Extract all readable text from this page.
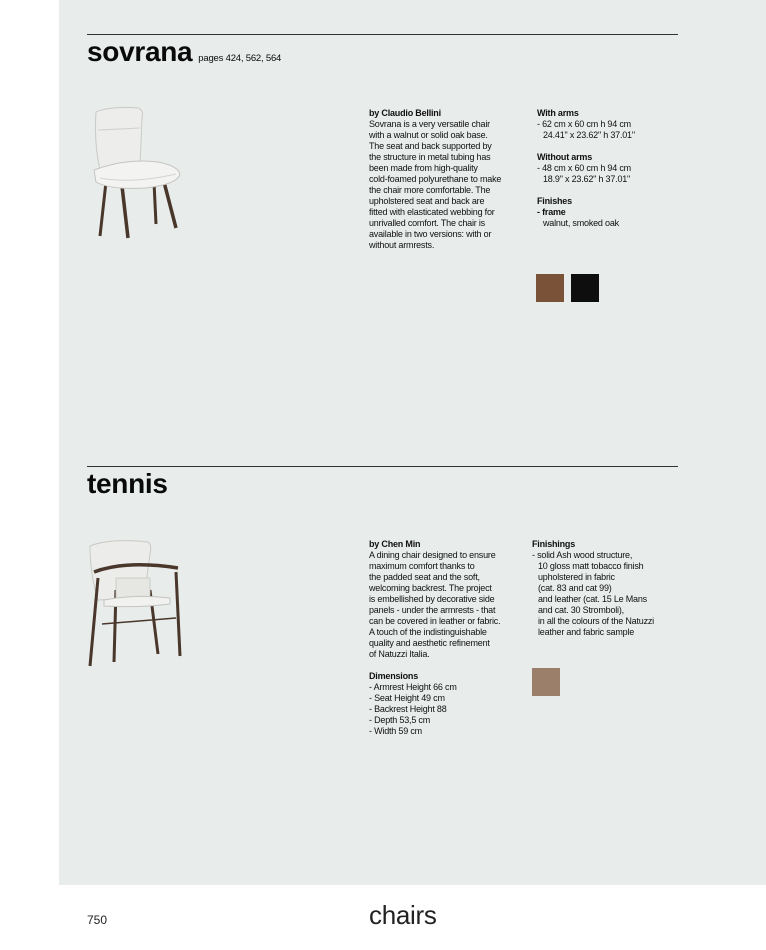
sovrana pages 424, 562, 564
by Claudio Bellini
Sovrana is a very versatile chair
with a walnut or solid oak base.
The seat and back supported by
the structure in metal tubing has
been made from high-quality
cold-foamed polyurethane to make
the chair more comfortable. The
upholstered seat and back are
fitted with elasticated webbing for
unrivalled comfort. The chair is
available in two versions: with or
without armrests.
With arms
- 62 cm x 60 cm h 94 cm
24.41" x 23.62" h 37.01"
Without arms
- 48 cm x 60 cm h 94 cm
18.9" x 23.62" h 37.01"
Finishes
- frame
walnut, smoked oak
tennis
by Chen Min
A dining chair designed to ensure
maximum comfort thanks to
the padded seat and the soft,
welcoming backrest. The project
is embellished by decorative side
panels - under the armrests - that
can be covered in leather or fabric.
A touch of the indistinguishable
quality and aesthetic refinement
of Natuzzi Italia.
Dimensions
- Armrest Height 66 cm
- Seat Height 49 cm
- Backrest Height 88
- Depth 53,5 cm
- Width 59 cm
Finishings
- solid Ash wood structure,
10 gloss matt tobacco finish
upholstered in fabric
(cat. 83 and cat 99)
and leather (cat. 15 Le Mans
and cat. 30 Stromboli),
in all the colours of the Natuzzi
leather and fabric sample
750	chairs
